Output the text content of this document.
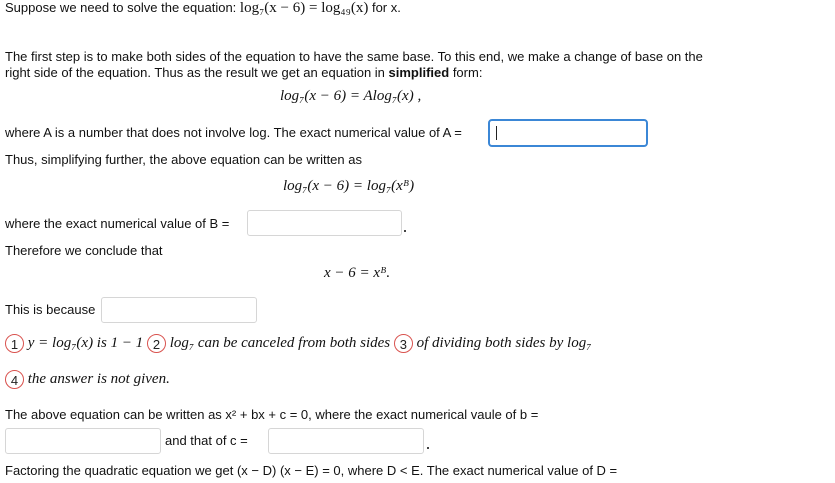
Suppose we need to solve the equation: log₇(x − 6) = log₄₉(x) for x.
The first step is to make both sides of the equation to have the same base. To this end, we make a change of base on the
right side of the equation. Thus as the result we get an equation in simplified form:
log₇(x − 6) = Alog₇(x) ,
where A is a number that does not involve log. The exact numerical value of A =
Thus, simplifying further, the above equation can be written as
log₇(x − 6) = log₇(xᴮ)
where the exact numerical value of B =
Therefore we conclude that
x − 6 = xᴮ.
This is because
1 y = log₇(x) is 1 − 1 2 log₇ can be canceled from both sides 3 of dividing both sides by log₇
4 the answer is not given.
The above equation can be written as x² + bx + c = 0, where the exact numerical vaule of b =
and that of c =
Factoring the quadratic equation we get (x − D) (x − E) = 0, where D < E. The exact numerical value of D =
